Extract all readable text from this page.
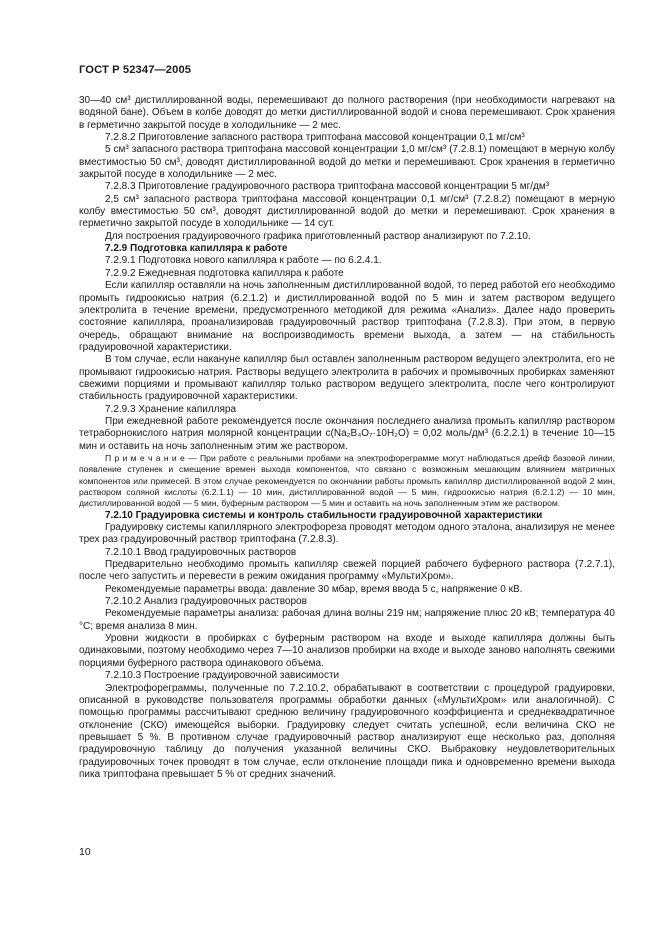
ГОСТ Р 52347—2005

30—40 см³ дистиллированной воды, перемешивают до полного растворения (при необходимости нагревают на водяной бане). Объем в колбе доводят до метки дистиллированной водой и снова перемешивают. Срок хранения в герметично закрытой посуде в холодильнике — 2 мес.

7.2.8.2 Приготовление запасного раствора триптофана массовой концентрации 0,1 мг/см³

5 см³ запасного раствора триптофана массовой концентрации 1,0 мг/см³ (7.2.8.1) помещают в мерную колбу вместимостью 50 см³, доводят дистиллированной водой до метки и перемешивают. Срок хранения в герметично закрытой посуде в холодильнике — 2 мес.

7.2.8.3 Приготовление градуировочного раствора триптофана массовой концентрации 5 мг/дм³

2,5 см³ запасного раствора триптофана массовой концентрации 0,1 мг/см³ (7.2.8.2) помещают в мерную колбу вместимостью 50 см³, доводят дистиллированной водой до метки и перемешивают. Срок хранения в герметично закрытой посуде в холодильнике — 14 сут.

Для построения градуировочного графика приготовленный раствор анализируют по 7.2.10.

7.2.9 Подготовка капилляра к работе

7.2.9.1 Подготовка нового капилляра к работе — по 6.2.4.1.

7.2.9.2 Ежедневная подготовка капилляра к работе

Если капилляр оставляли на ночь заполненным дистиллированной водой, то перед работой его необходимо промыть гидроокисью натрия (6.2.1.2) и дистиллированной водой по 5 мин и затем раствором ведущего электролита в течение времени, предусмотренного методикой для режима «Анализ». Далее надо проверить состояние капилляра, проанализировав градуировочный раствор триптофана (7.2.8.3). При этом, в первую очередь, обращают внимание на воспроизводимость времени выхода, а затем — на стабильность градуировочной характеристики.

В том случае, если накануне капилляр был оставлен заполненным раствором ведущего электролита, его не промывают гидроокисью натрия. Растворы ведущего электролита в рабочих и промывочных пробирках заменяют свежими порциями и промывают капилляр только раствором ведущего электролита, после чего контролируют стабильность градуировочной характеристики.

7.2.9.3 Хранение капилляра

При ежедневной работе рекомендуется после окончания последнего анализа промыть капилляр раствором тетраборнокислого натрия молярной концентрации c(Na₂B₄O₇·10H₂O) = 0,02 моль/дм³ (6.2.2.1) в течение 10—15 мин и оставить на ночь заполненным этим же раствором.

П р и м е ч а н и е — При работе с реальными пробами на электрофореграмме могут наблюдаться дрейф базовой линии, появление ступенек и смещение времен выхода компонентов, что связано с возможным мешающим влиянием матричных компонентов или примесей. В этом случае рекомендуется по окончании работы промыть капилляр дистиллированной водой 2 мин, раствором соляной кислоты (6.2.1.1) — 10 мин, дистиллированной водой — 5 мин, гидроокисью натрия (6.2.1.2) — 10 мин, дистиллированной водой — 5 мин, буферным раствором — 5 мин и оставить на ночь заполненным этим же раствором.

7.2.10 Градуировка системы и контроль стабильности градуировочной характеристики

Градуировку системы капиллярного электрофореза проводят методом одного эталона, анализируя не менее трех раз градуировочный раствор триптофана (7.2.8.3).

7.2.10.1 Ввод градуировочных растворов

Предварительно необходимо промыть капилляр свежей порцией рабочего буферного раствора (7.2.7.1), после чего запустить и перевести в режим ожидания программу «МультиХром».

Рекомендуемые параметры ввода: давление 30 мбар, время ввода 5 с, напряжение 0 кВ.

7.2.10.2 Анализ градуировочных растворов

Рекомендуемые параметры анализа: рабочая длина волны 219 нм; напряжение плюс 20 кВ; температура 40 °С; время анализа 8 мин.

Уровни жидкости в пробирках с буферным раствором на входе и выходе капилляра должны быть одинаковыми, поэтому необходимо через 7—10 анализов пробирки на входе и выходе заново наполнять свежими порциями буферного раствора одинакового объема.

7.2.10.3 Построение градуировочной зависимости

Электрофореграммы, полученные по 7.2.10.2, обрабатывают в соответствии с процедурой градуировки, описанной в руководстве пользователя программы обработки данных («МультиХром» или аналогичной). С помощью программы рассчитывают среднюю величину градуировочного коэффициента и среднеквадратичное отклонение (СКО) имеющейся выборки. Градуировку следует считать успешной, если величина СКО не превышает 5 %. В противном случае градуировочный раствор анализируют еще несколько раз, дополняя градуировочную таблицу до получения указанной величины СКО. Выбраковку неудовлетворительных градуировочных точек проводят в том случае, если отклонение площади пика и одновременно времени выхода пика триптофана превышает 5 % от средних значений.

10
